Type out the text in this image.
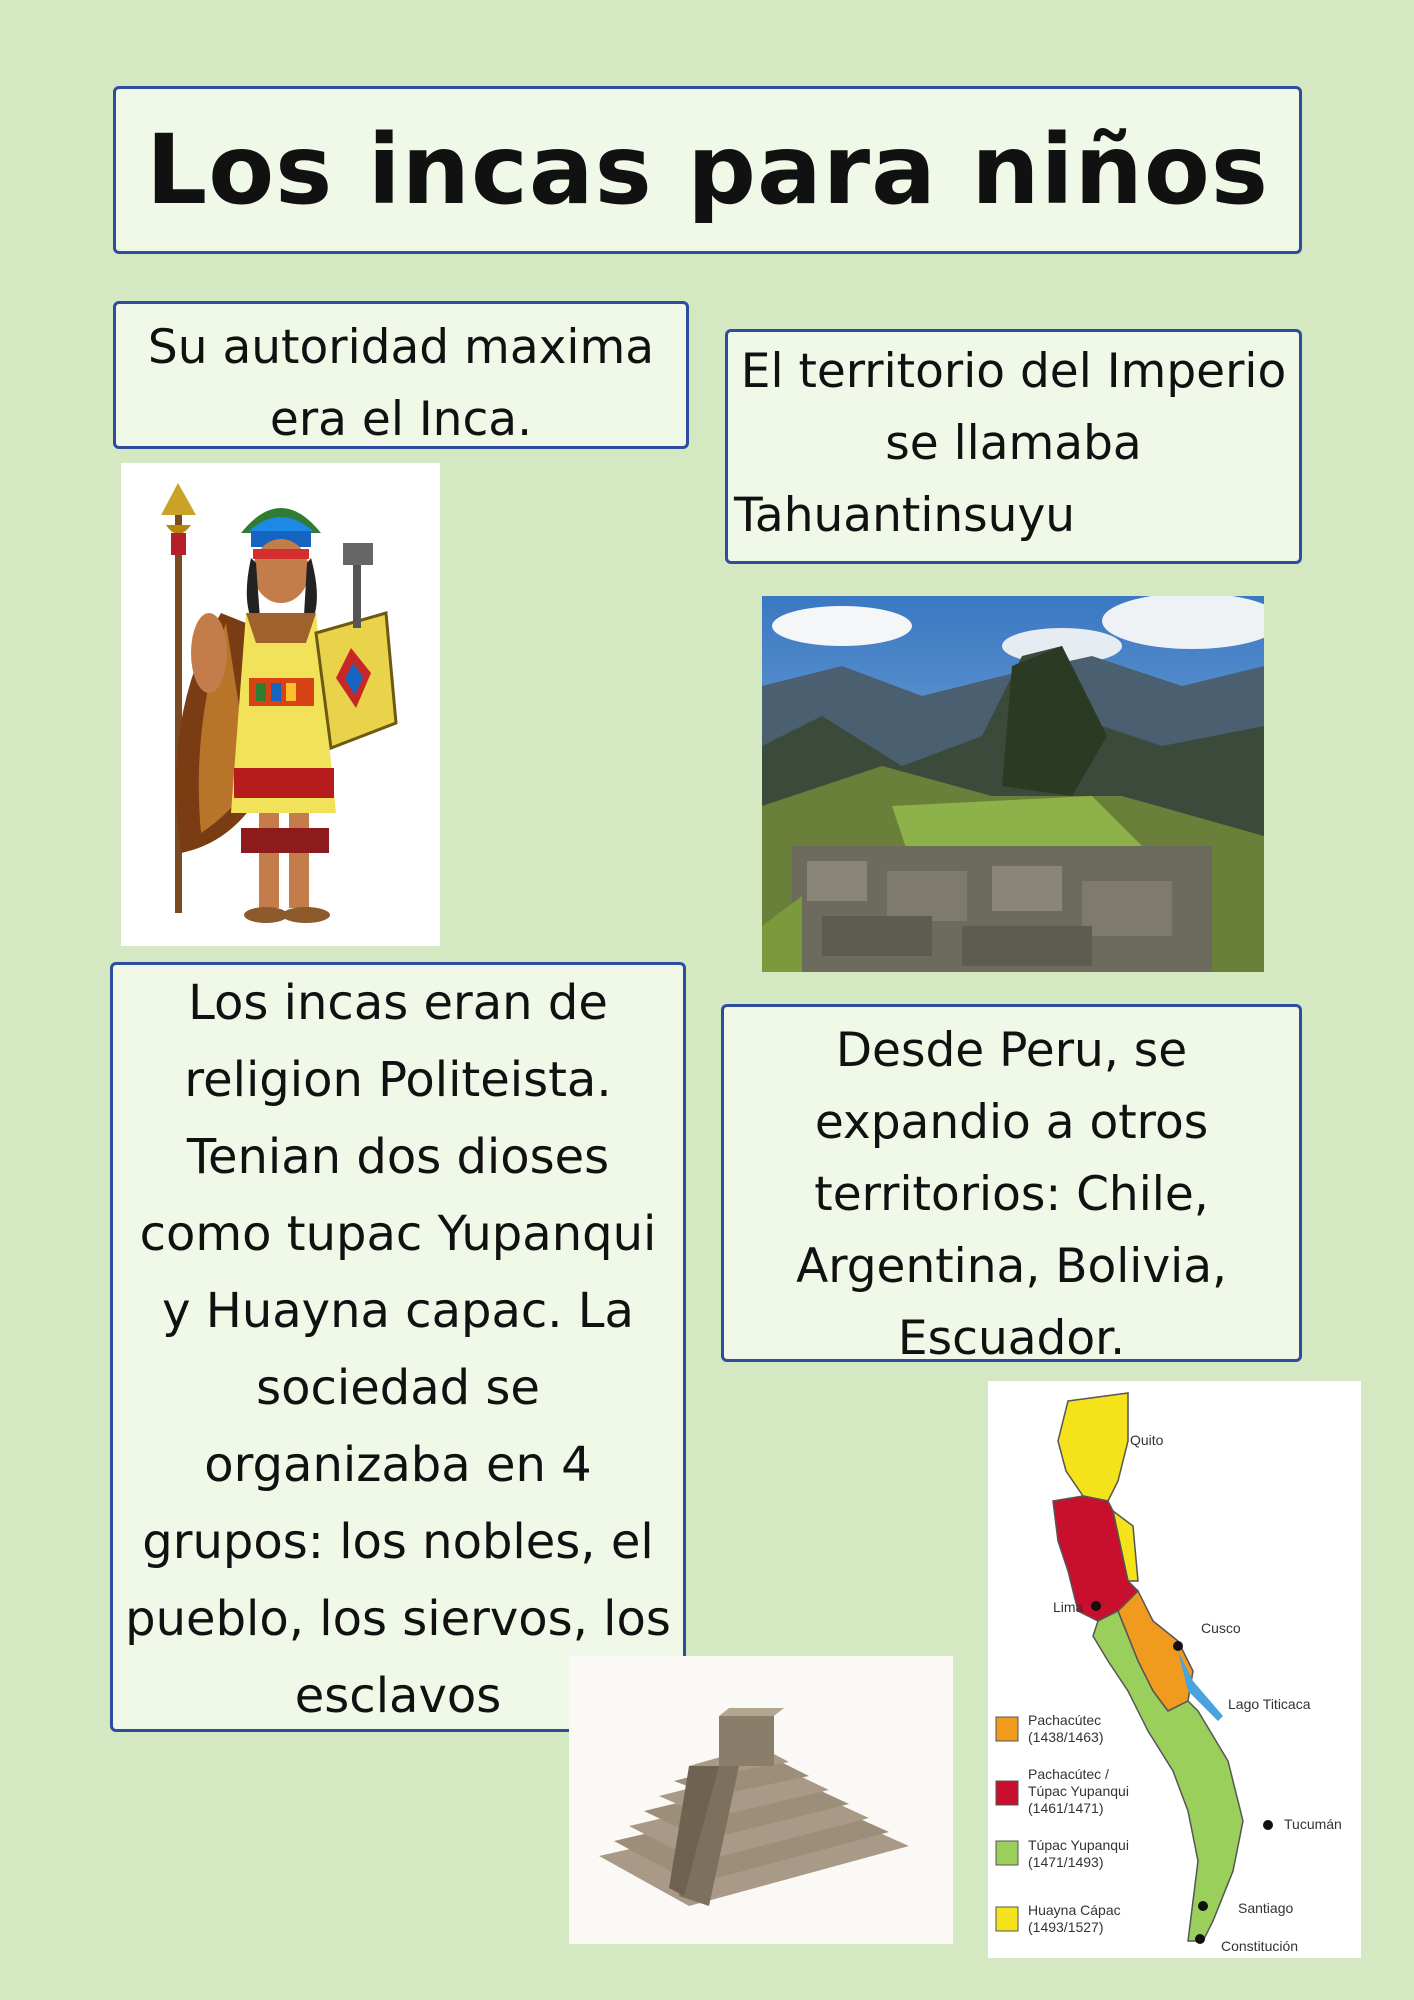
Los incas para niños

Su autoridad maxima
era el Inca.

El territorio del Imperio

se llamaba

Tahuantinsuyu

Los incas eran de
religion Politeista.
Tenian dos dioses
como tupac Yupanqui
y Huayna capac. La
sociedad se
organizaba en 4
grupos: los nobles, el
pueblo, los siervos, los
esclavos

Desde Peru, se
expandio a otros
territorios: Chile,
Argentina, Bolivia,
Escuador.

Quito
Lima
Cusco
Lago Titicaca
Tucumán
Santiago
Constitución
Pachacútec
(1438/1463)
Pachacútec /
Túpac Yupanqui
(1461/1471)
Túpac Yupanqui
(1471/1493)
Huayna Cápac
(1493/1527)
